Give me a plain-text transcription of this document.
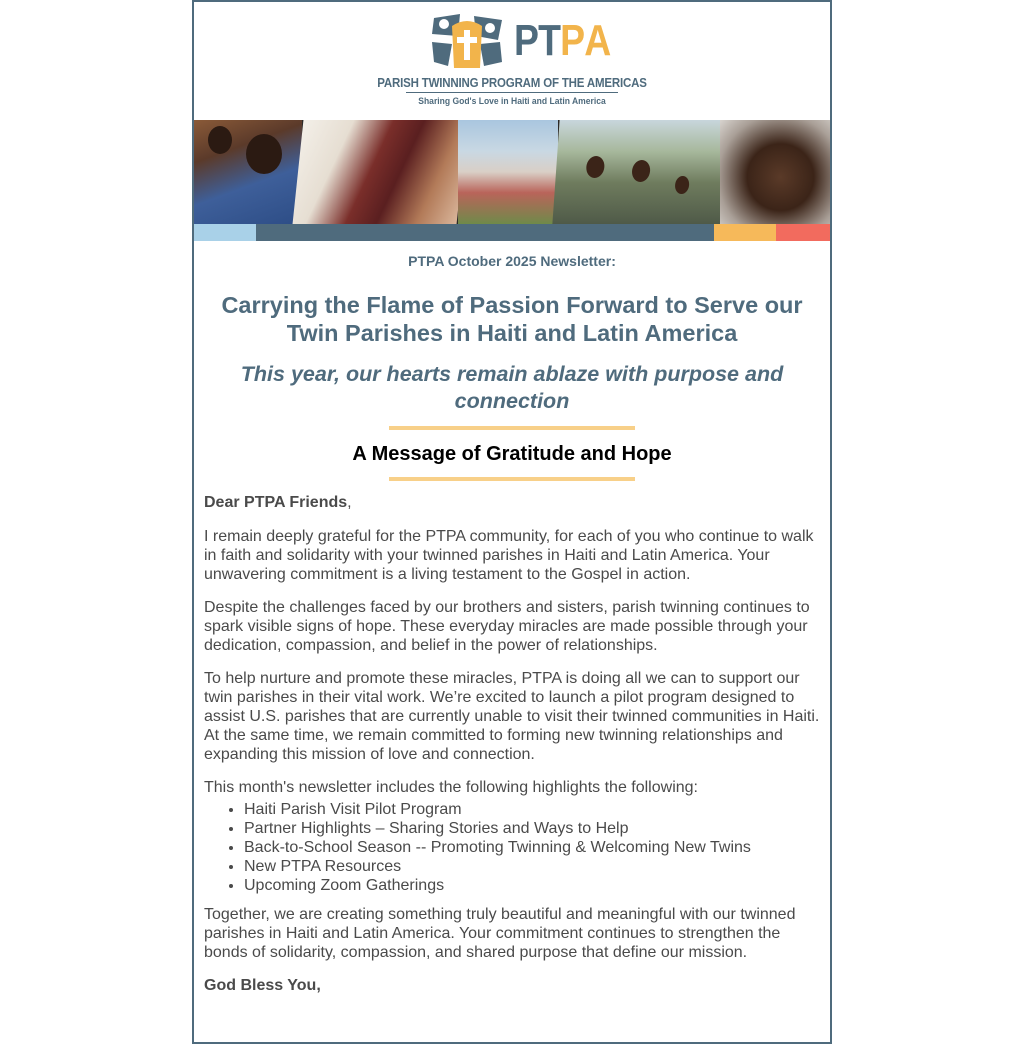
PTPA
PARISH TWINNING PROGRAM OF THE AMERICAS
Sharing God's Love in Haiti and Latin America
PTPA October 2025 Newsletter:
Carrying the Flame of Passion Forward to Serve our Twin Parishes in Haiti and Latin America
This year, our hearts remain ablaze with purpose and connection
A Message of Gratitude and Hope
Dear PTPA Friends,

I remain deeply grateful for the PTPA community, for each of you who continue to walk in faith and solidarity with your twinned parishes in Haiti and Latin America. Your unwavering commitment is a living testament to the Gospel in action.

Despite the challenges faced by our brothers and sisters, parish twinning continues to spark visible signs of hope. These everyday miracles are made possible through your dedication, compassion, and belief in the power of relationships.

To help nurture and promote these miracles, PTPA is doing all we can to support our twin parishes in their vital work. We’re excited to launch a pilot program designed to assist U.S. parishes that are currently unable to visit their twinned communities in Haiti. At the same time, we remain committed to forming new twinning relationships and expanding this mission of love and connection.

This month's newsletter includes the following highlights the following:

• Haiti Parish Visit Pilot Program
• Partner Highlights – Sharing Stories and Ways to Help
• Back-to-School Season -- Promoting Twinning & Welcoming New Twins
• New PTPA Resources
• Upcoming Zoom Gatherings

Together, we are creating something truly beautiful and meaningful with our twinned parishes in Haiti and Latin America. Your commitment continues to strengthen the bonds of solidarity, compassion, and shared purpose that define our mission.

God Bless You,
